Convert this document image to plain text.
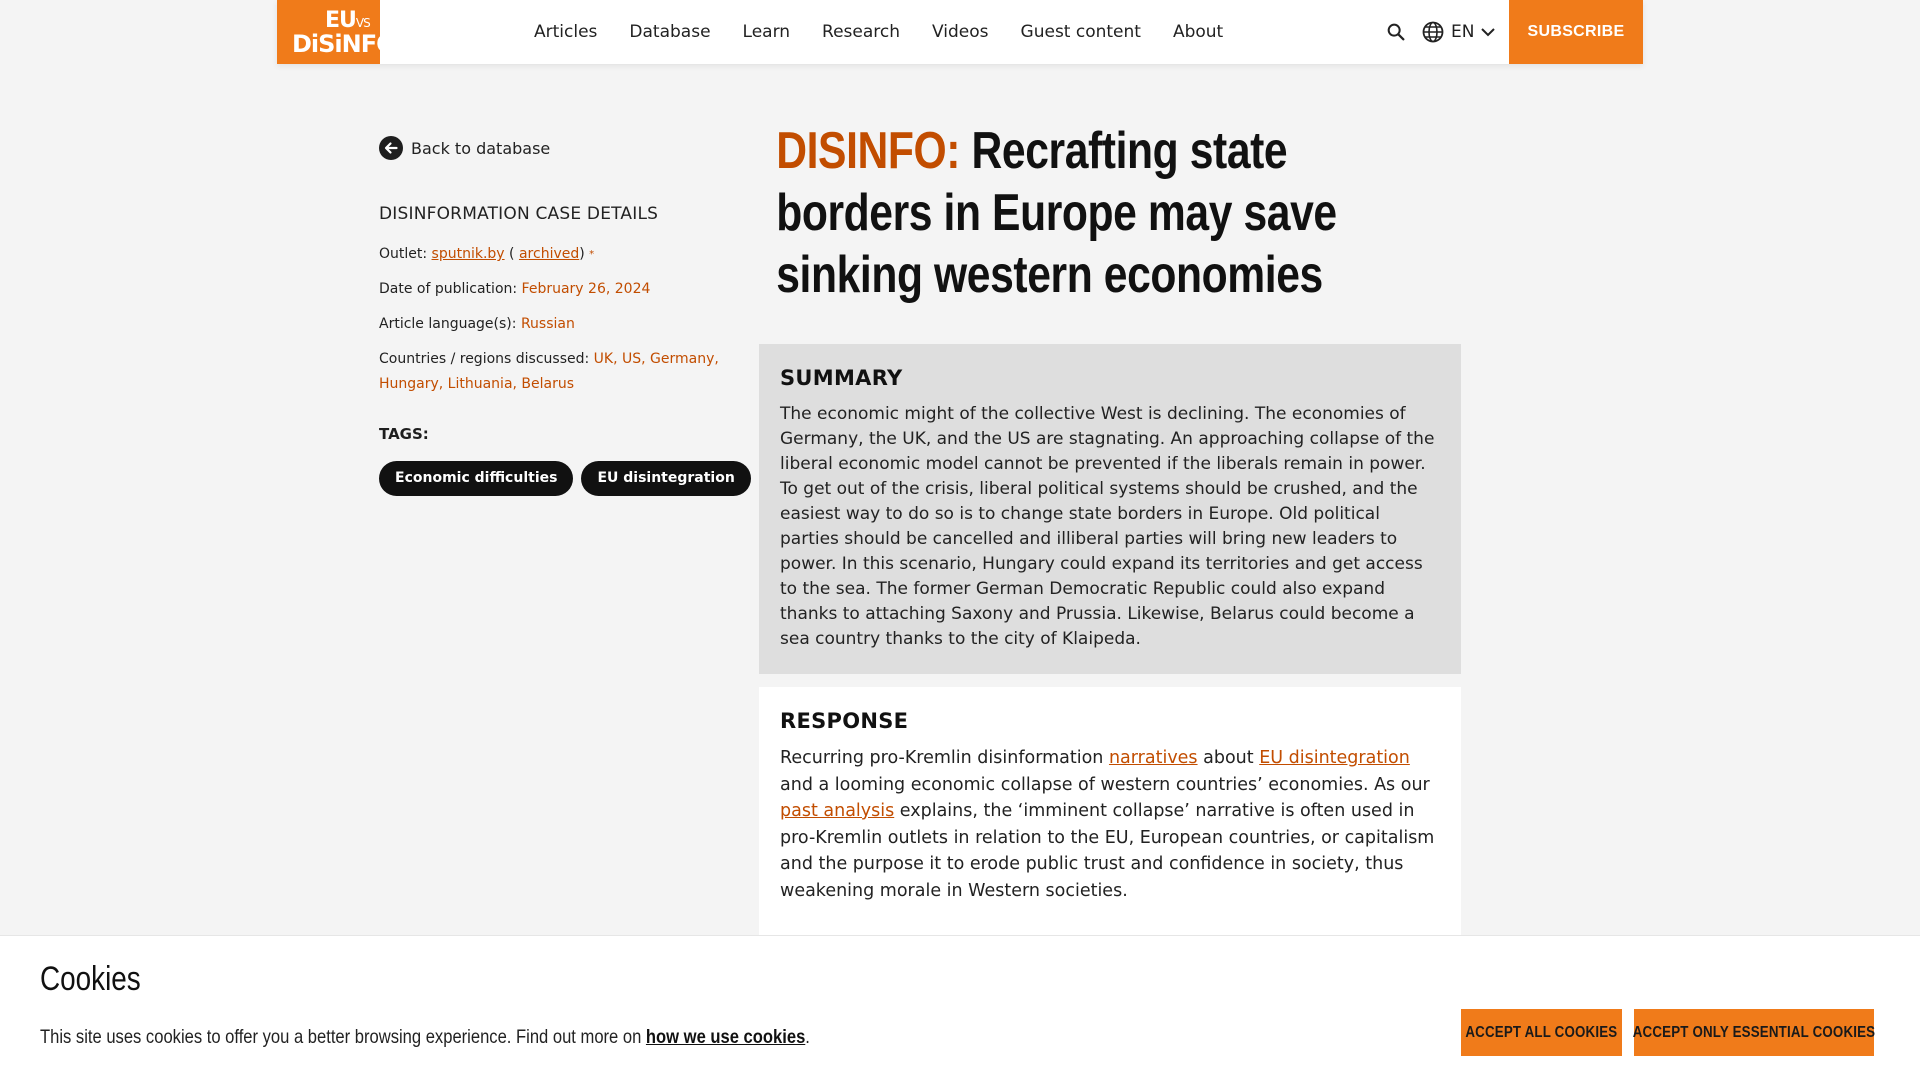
EUVS
DiSiNFO	Articles Database Learn Research Videos Guest content About	EN	SUBSCRIBE
Back to database
DISINFORMATION CASE DETAILS
Outlet: sputnik.by ( archived) *
Date of publication: February 26, 2024
Article language(s): Russian
Countries / regions discussed: UK, US, Germany, Hungary, Lithuania, Belarus
TAGS:
Economic difficulties	EU disintegration
DISINFO: Recrafting state borders in Europe may save sinking western economies
SUMMARY

The economic might of the collective West is declining. The economies of Germany, the UK, and the US are stagnating. An approaching collapse of the liberal economic model cannot be prevented if the liberals remain in power. To get out of the crisis, liberal political systems should be crushed, and the easiest way to do so is to change state borders in Europe. Old political parties should be cancelled and illiberal parties will bring new leaders to power. In this scenario, Hungary could expand its territories and get access to the sea. The former German Democratic Republic could also expand thanks to attaching Saxony and Prussia. Likewise, Belarus could become a sea country thanks to the city of Klaipeda.

RESPONSE

Recurring pro-Kremlin disinformation narratives about EU disintegration and a looming economic collapse of western countries’ economies. As our past analysis explains, the ‘imminent collapse’ narrative is often used in pro-Kremlin outlets in relation to the EU, European countries, or capitalism and the purpose it to erode public trust and confidence in society, thus weakening morale in Western societies.

Cookies
This site uses cookies to offer you a better browsing experience. Find out more on how we use cookies.	ACCEPT ALL COOKIES ACCEPT ONLY ESSENTIAL COOKIES
